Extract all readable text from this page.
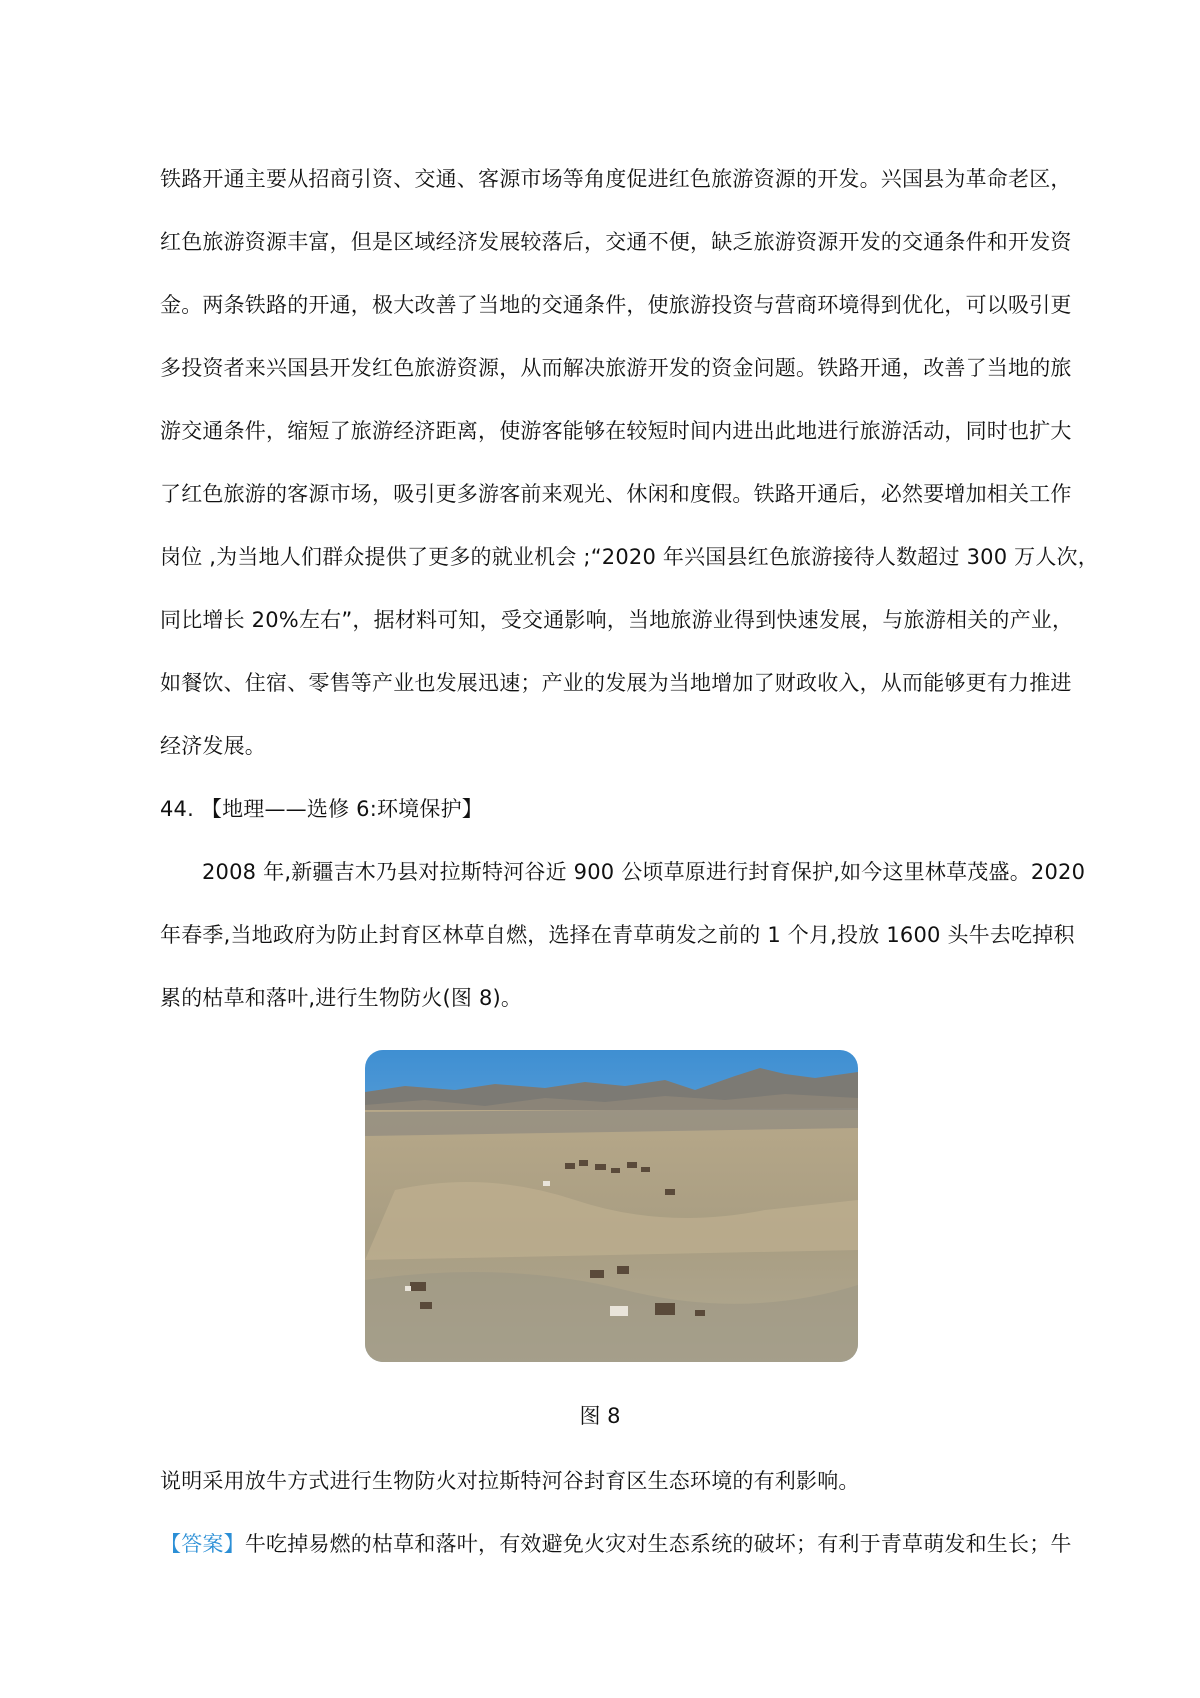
铁路开通主要从招商引资、交通、客源市场等角度促进红色旅游资源的开发。兴国县为革命老区，
红色旅游资源丰富，但是区域经济发展较落后，交通不便，缺乏旅游资源开发的交通条件和开发资
金。两条铁路的开通，极大改善了当地的交通条件，使旅游投资与营商环境得到优化，可以吸引更
多投资者来兴国县开发红色旅游资源，从而解决旅游开发的资金问题。铁路开通，改善了当地的旅
游交通条件，缩短了旅游经济距离，使游客能够在较短时间内进出此地进行旅游活动，同时也扩大
了红色旅游的客源市场，吸引更多游客前来观光、休闲和度假。铁路开通后，必然要增加相关工作
岗位 ,为当地人们群众提供了更多的就业机会 ;“2020 年兴国县红色旅游接待人数超过 300 万人次，
同比增长 20%左右”，据材料可知，受交通影响，当地旅游业得到快速发展，与旅游相关的产业，
如餐饮、住宿、零售等产业也发展迅速；产业的发展为当地增加了财政收入，从而能够更有力推进
经济发展。
44. 【地理——选修 6:环境保护】
2008 年,新疆吉木乃县对拉斯特河谷近 900 公顷草原进行封育保护,如今这里林草茂盛。2020
年春季,当地政府为防止封育区林草自燃，选择在青草萌发之前的 1 个月,投放 1600 头牛去吃掉积
累的枯草和落叶,进行生物防火(图 8)。
图 8
说明采用放牛方式进行生物防火对拉斯特河谷封育区生态环境的有利影响。
【答案】牛吃掉易燃的枯草和落叶，有效避免火灾对生态系统的破坏；有利于青草萌发和生长；牛
